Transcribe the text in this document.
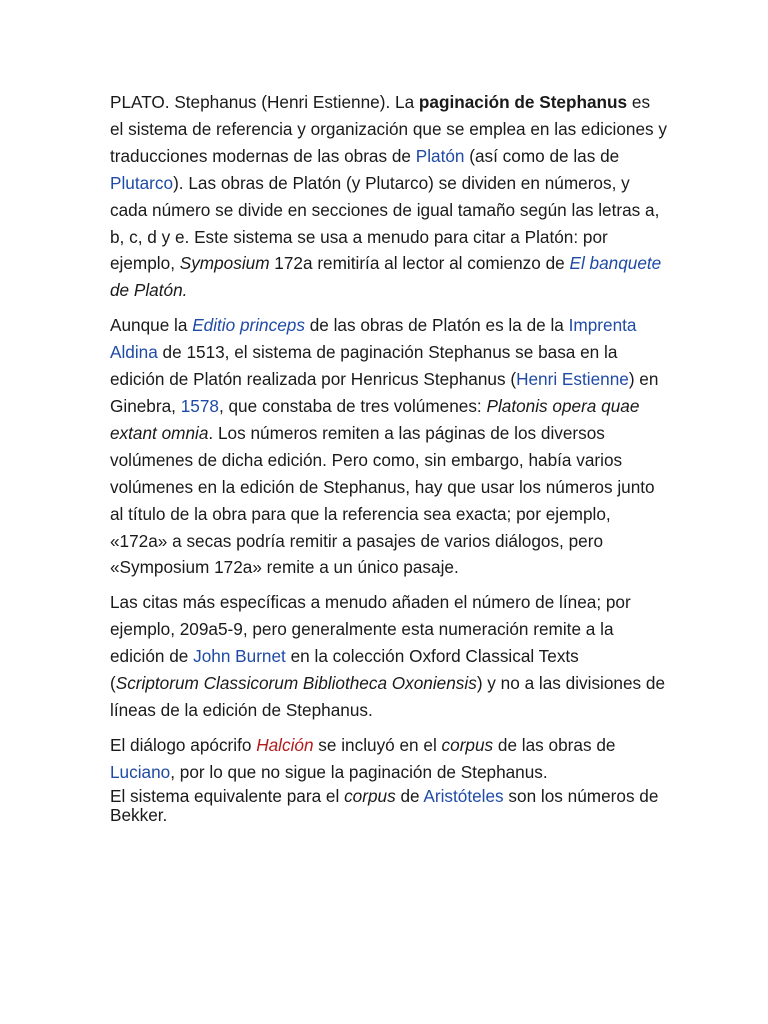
PLATO. Stephanus (Henri Estienne). La paginación de Stephanus es el sistema de referencia y organización que se emplea en las ediciones y traducciones modernas de las obras de Platón (así como de las de Plutarco). Las obras de Platón (y Plutarco) se dividen en números, y cada número se divide en secciones de igual tamaño según las letras a, b, c, d y e. Este sistema se usa a menudo para citar a Platón: por ejemplo, Symposium 172a remitiría al lector al comienzo de El banquete de Platón.

Aunque la Editio princeps de las obras de Platón es la de la Imprenta Aldina de 1513, el sistema de paginación Stephanus se basa en la edición de Platón realizada por Henricus Stephanus (Henri Estienne) en Ginebra, 1578, que constaba de tres volúmenes: Platonis opera quae extant omnia. Los números remiten a las páginas de los diversos volúmenes de dicha edición. Pero como, sin embargo, había varios volúmenes en la edición de Stephanus, hay que usar los números junto al título de la obra para que la referencia sea exacta; por ejemplo, «172a» a secas podría remitir a pasajes de varios diálogos, pero «Symposium 172a» remite a un único pasaje.

Las citas más específicas a menudo añaden el número de línea; por ejemplo, 209a5-9, pero generalmente esta numeración remite a la edición de John Burnet en la colección Oxford Classical Texts (Scriptorum Classicorum Bibliotheca Oxoniensis) y no a las divisiones de líneas de la edición de Stephanus.

El diálogo apócrifo Halción se incluyó en el corpus de las obras de Luciano, por lo que no sigue la paginación de Stephanus.

El sistema equivalente para el corpus de Aristóteles son los números de Bekker.
